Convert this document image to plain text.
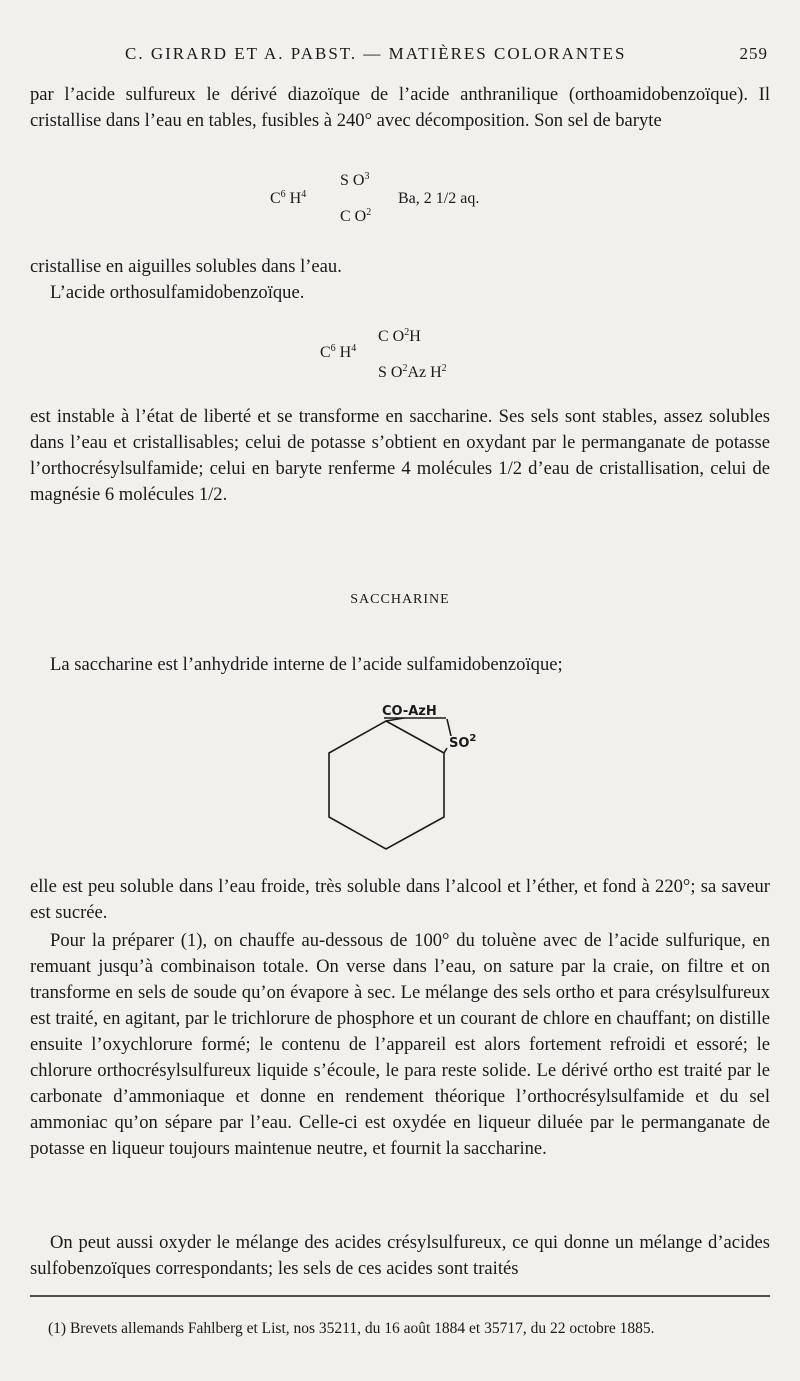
C. GIRARD ET A. PABST. — MATIÈRES COLORANTES	259
par l’acide sulfureux le dérivé diazoïque de l’acide anthranilique (orthoamidobenzoïque). Il cristallise dans l’eau en tables, fusibles à 240° avec décomposition. Son sel de baryte
$C^6$ $H^4$
S $O^3$
C $O^2$
Ba, 2 1/2 aq.
cristallise en aiguilles solubles dans l’eau.
L’acide orthosulfamidobenzoïque.
$C^6$ $H^4$
C $O^2H$
S $O^2Az$ $H^2$
est instable à l’état de liberté et se transforme en saccharine. Ses sels sont stables, assez solubles dans l’eau et cristallisables; celui de potasse s’obtient en oxydant par le permanganate de potasse l’orthocrésylsulfamide; celui en baryte renferme 4 molécules 1/2 d’eau de cristallisation, celui de magnésie 6 molécules 1/2.
SACCHARINE
La saccharine est l’anhydride interne de l’acide sulfamidobenzoïque;
CO-AzH
$SO^2$
elle est peu soluble dans l’eau froide, très soluble dans l’alcool et l’éther, et fond à 220°; sa saveur est sucrée.
Pour la préparer (1), on chauffe au-dessous de 100° du toluène avec de l’acide sulfurique, en remuant jusqu’à combinaison totale. On verse dans l’eau, on sature par la craie, on filtre et on transforme en sels de soude qu’on évapore à sec. Le mélange des sels ortho et para crésylsulfureux est traité, en agitant, par le trichlorure de phosphore et un courant de chlore en chauffant; on distille ensuite l’oxychlorure formé; le contenu de l’appareil est alors fortement refroidi et essoré; le chlorure orthocrésylsulfureux liquide s’écoule, le para reste solide. Le dérivé ortho est traité par le carbonate d’ammoniaque et donne en rendement théorique l’orthocrésylsulfamide et du sel ammoniac qu’on sépare par l’eau. Celle-ci est oxydée en liqueur diluée par le permanganate de potasse en liqueur toujours maintenue neutre, et fournit la saccharine.
On peut aussi oxyder le mélange des acides crésylsulfureux, ce qui donne un mélange d’acides sulfobenzoïques correspondants; les sels de ces acides sont traités
(1) Brevets allemands Fahlberg et List, nos 35211, du 16 août 1884 et 35717, du 22 octobre 1885.
